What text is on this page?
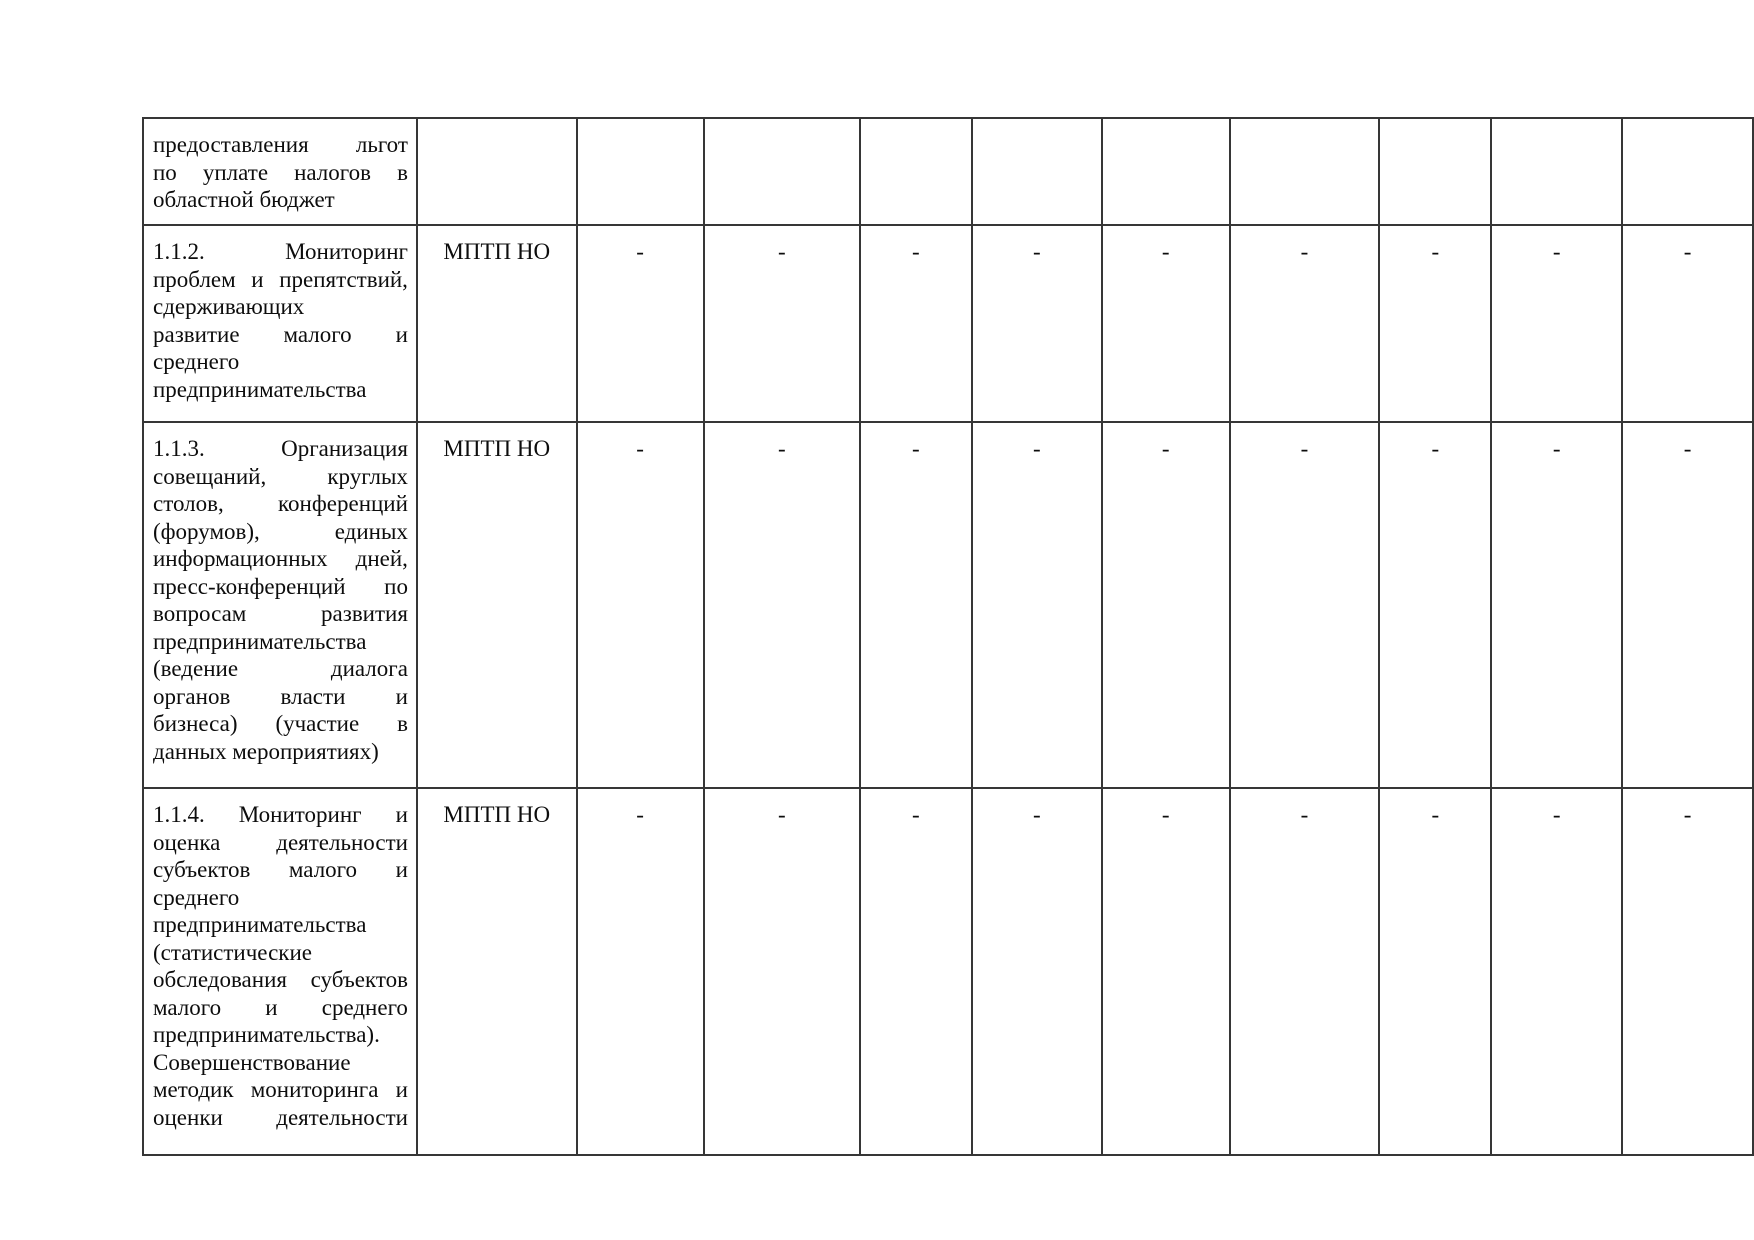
предоставления льгот
по уплате налогов в
областной бюджет										

1.1.2. Мониторинг
проблем и препятствий,
сдерживающих
развитие малого и
среднего
предпринимательства
	МПТП НО	-	-	-	-	-	-	-	-	-

1.1.3. Организация
совещаний, круглых
столов, конференций
(форумов), единых
информационных дней,
пресс-конференций по
вопросам развития
предпринимательства
(ведение диалога
органов власти и
бизнеса) (участие в
данных мероприятиях)
	МПТП НО	-	-	-	-	-	-	-	-	-

1.1.4. Мониторинг и
оценка деятельности
субъектов малого и
среднего
предпринимательства
(статистические
обследования субъектов
малого и среднего
предпринимательства).
Совершенствование
методик мониторинга и
оценки деятельности
	МПТП НО	-	-	-	-	-	-	-	-	-
